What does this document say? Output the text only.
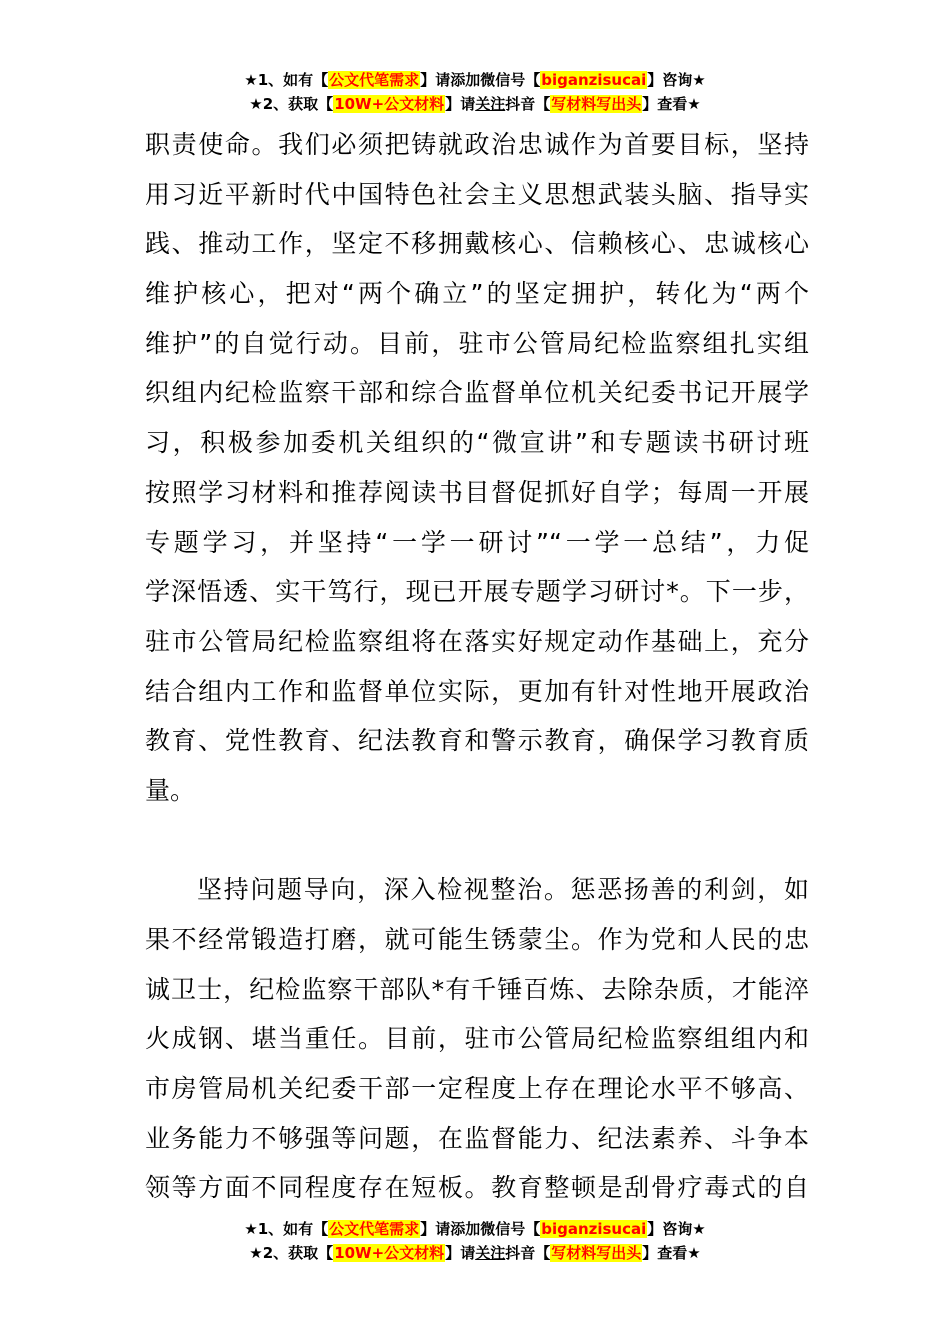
★1、如有【公文代笔需求】请添加微信号【biganzisucai】咨询★
★2、获取【10W+公文材料】请关注抖音【写材料写出头】查看★
职责使命。我们必须把铸就政治忠诚作为首要目标，坚持
用习近平新时代中国特色社会主义思想武装头脑、指导实
践、推动工作，坚定不移拥戴核心、信赖核心、忠诚核心
维护核心，把对“两个确立”的坚定拥护，转化为“两个
维护”的自觉行动。目前，驻市公管局纪检监察组扎实组
织组内纪检监察干部和综合监督单位机关纪委书记开展学
习，积极参加委机关组织的“微宣讲”和专题读书研讨班
按照学习材料和推荐阅读书目督促抓好自学；每周一开展
专题学习，并坚持“一学一研讨”“一学一总结”，力促
学深悟透、实干笃行，现已开展专题学习研讨*。下一步，
驻市公管局纪检监察组将在落实好规定动作基础上，充分
结合组内工作和监督单位实际，更加有针对性地开展政治
教育、党性教育、纪法教育和警示教育，确保学习教育质
量。
坚持问题导向，深入检视整治。惩恶扬善的利剑，如
果不经常锻造打磨，就可能生锈蒙尘。作为党和人民的忠
诚卫士，纪检监察干部队*有千锤百炼、去除杂质，才能淬
火成钢、堪当重任。目前，驻市公管局纪检监察组组内和
市房管局机关纪委干部一定程度上存在理论水平不够高、
业务能力不够强等问题，在监督能力、纪法素养、斗争本
领等方面不同程度存在短板。教育整顿是刮骨疗毒式的自
★1、如有【公文代笔需求】请添加微信号【biganzisucai】咨询★
★2、获取【10W+公文材料】请关注抖音【写材料写出头】查看★
